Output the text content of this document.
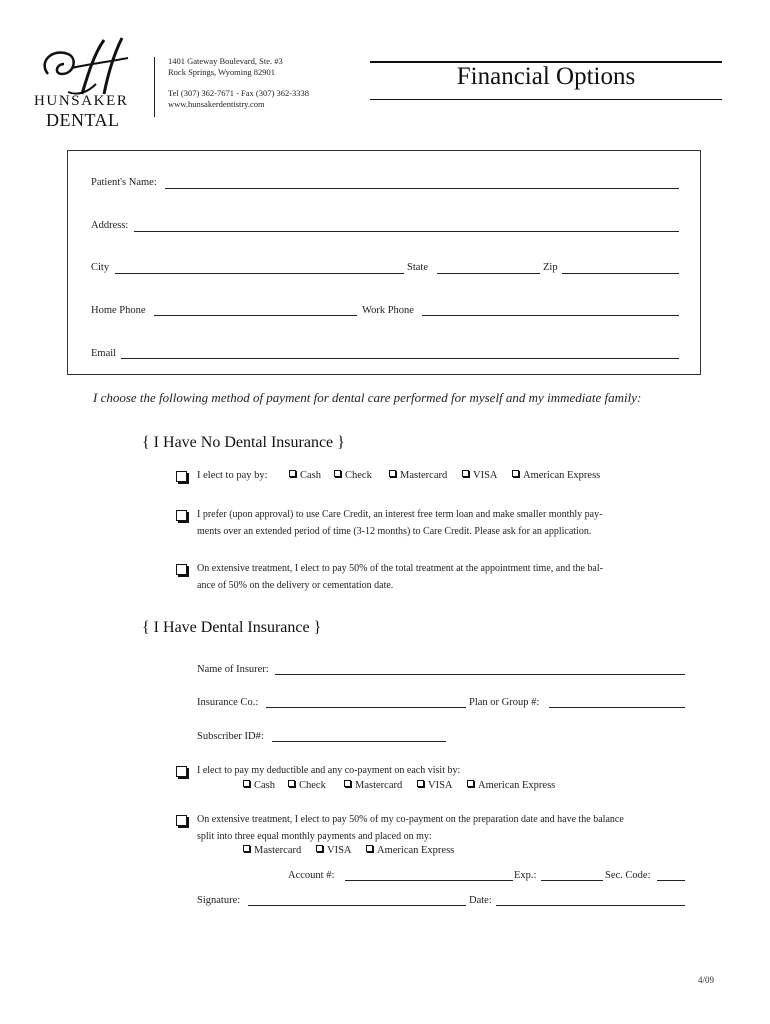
HUNSAKER
DENTAL
1401 Gateway Boulevard, Ste. #3
Rock Springs, Wyoming 82901
Tel (307) 362-7671 - Fax (307) 362-3338
www.hunsakerdentistry.com
Financial Options
Patient's Name:
Address:
City	State	Zip
Home Phone	Work Phone
Email
I choose the following method of payment for dental care performed for myself and my immediate family:
{ I Have No Dental Insurance }
I elect to pay by:	Cash	Check	Mastercard	VISA	American Express
I prefer (upon approval) to use Care Credit, an interest free term loan and make smaller monthly pay-
ments over an extended period of time (3-12 months) to Care Credit. Please ask for an application.
On extensive treatment, I elect to pay 50% of the total treatment at the appointment time, and the bal-
ance of 50% on the delivery or cementation date.
{ I Have Dental Insurance }
Name of Insurer:
Insurance Co.:	Plan or Group #:
Subscriber ID#:
I elect to pay my deductible and any co-payment on each visit by:
Cash	Check	Mastercard	VISA	American Express
On extensive treatment, I elect to pay 50% of my co-payment on the preparation date and have the balance
split into three equal monthly payments and placed on my:
Mastercard	VISA	American Express
Account #:	Exp.:	Sec. Code:
Signature:	Date:
4/09
